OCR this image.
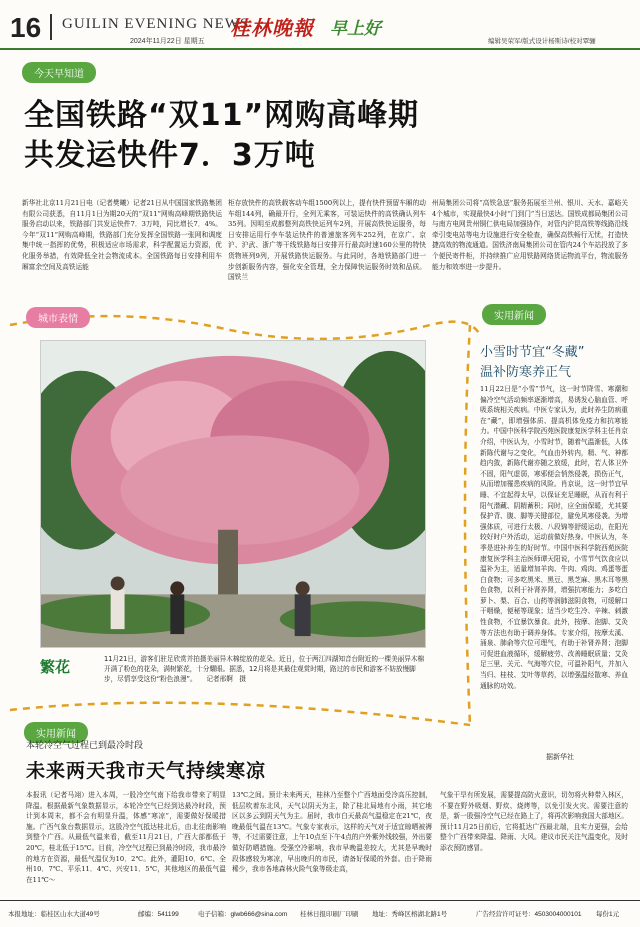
16 GUILIN EVENING NEWS
2024年11月22日 星期五
桂林晚報 早上好
编辑吴荣军/版式设计杨斯诗/校对覃骊
今天早知道
全国铁路“双11”网购高峰期
共发运快件7．3万吨
新华社北京11月21日电（记者樊曦）记者21日从中国国家铁路集团有限公司获悉，自11月1日为期20天的“双11”网购高峰期铁路快运服务启动以来，铁路部门共发运快件7．3万吨，同比增长7．4%。今年“双11”网购高峰期，铁路部门充分发挥全国铁路一张网和调度集中统一指挥的优势，积极适应市场需求，科学配置运力资源，优化服务举措，有效降低全社会物流成本。全国铁路每日安排利用车厢富余空间及高铁运能
柜存放快件的高铁载客动车组1500列以上，提有快件预留车厢的动车组144列，确最开行，全列无乘客，可装运快件的高铁确认列车35列。因明至成都整列高铁快运列车2列，开展高铁快运服务，每日安排运用行李车装运快件的普速旅客列车252列，在京广、京沪、沪武、浙广等干线铁路每日安排开行最高时速160公里的特快货物班列9列，开展铁路快运服务。与此同时，各地铁路部门进一步创新服务内容，强化安全管理，全力保障快运服务时效和品质。国铁兰
州局集团公司将“高铁急送”服务拓展至兰州、银川、天水、嘉峪关4个城市，实现最快4小时“门到门”当日送达。国铁成都局集团公司与南方电网贵州铜仁供电局加强协作，对管内沪昆高铁等线路沿线牵引变电站等电力设施进行安全检查，确保高铁畅行无忧，打造快捷高效的物流通道。国铁济南局集团公司在管内24个车站投放了多个便民寄件柜，并持续推广应用铁路网络货运物流平台，物流服务能力和效率进一步提升。
城市表情
繁花	11月21日，游客们驻足欣赏并拍摄美丽异木棉绽放的花朵。近日，位于两江四湖知音台附近的一棵美丽异木棉开满了粉色的花朵，满树繁花，十分耀眼。据悉，12月将是其最佳观赏时期，路过的市民和游客不妨放慢脚步，尽情享受这份“粉色浪漫”。　　记者邢婀　摄
实用新闻
小雪时节宜“冬藏”
温补防寒养正气
11月22日是“小雪”节气，这一时节降雪、寒潮和偏冷空气活动频率逐渐增高，易诱发心脑血管、呼吸系统相关疾病。中医专家认为，此时养生防病重在“藏”，即增强体质、提高机体免疫力和抗寒能力。中国中医科学院西苑医院康复医学科主任肖京介绍，中医认为，小雪时节，随着气温渐低，人体新陈代谢与之变化，气血由外转内，精、气、神都趋内敛，新陈代谢亦随之放缓，此时，若人体卫外不固，阳气虚弱，寒邪便会悄然侵袭，损伤正气，从而增加罹患疾病的风险。肖京说，这一时节宜早睡、不宜起得太早，以保证充足睡眠，从而有利于阳气潜藏、阴精蓄积；同时，应全面保暖，尤其要保护背、腹、脚等关键部位，避免风寒侵袭。为增强体质，可进行太极、八段锦等舒缓运动，在阳光较好时户外活动，运动前做好热身。中医认为，冬季是进补养生的好时节。中国中医科学院西苑医院康复医学科主治医师谭天阳说，小雪节气饮食应以温补为主，适量增加羊肉、牛肉、鸡肉、鸡蛋等蛋白食物；可多吃黑米、黑豆、黑芝麻、黑木耳等黑色食物，以利于补肾养肾，增强抗寒能力；多吃白萝卜、梨、百合、山药等润肺滋阴食物，可缓解口干咽燥，便秘等现象；适当少吃生冷、辛辣、刺激性食物，不宜暴饮暴食。此外，按摩、泡脚、艾灸等方法也有助于调养身体。专家介绍，按摩太溪、涌泉、肺俞等穴位可理气，有助于补肾养肾；泡脚可促进血液循环，缓解疲劳、改善睡眠质量；艾灸足三里、关元、气海等穴位，可温补阳气，并加入当归、桂枝、艾叶等草药，以增强温经散寒、养血通脉的功效。
据新华社
实用新闻
本轮冷空气过程已到最冷时段
未来两天我市天气持续寒凉
本报讯（记者马翊）进入本周，一股冷空气南下给我市带来了明显降温。根据最新气象数据显示，本轮冷空气已经到达最冷时段，预计到本周末，都不会有明显升温，体感“寒凉”，需要做好保暖措施。广西气象台数据显示，这股冷空气抵达桂北后，由北往南影响到整个广西。从最低气温来看，截至11月21日，广西大部都低于20℃，桂北低于15℃。目前，冷空气过程已到最冷时段，我市最冷的地方在资源，最低气温仅为10．2℃。此外，灌阳10．6℃、全州10．7℃、平乐11．4℃、兴安11．5℃，其他地区的最低气温在11℃～
13℃之间。预计未来两天，桂林乃至整个广西地面受冷高压控制，低层吹着东北风，天气以阴天为主，除了桂北局地有小雨，其它地区以多云到阴天气为主。届时，我市白天最高气温稳定在21℃，夜晚最低气温在13℃。气象专家表示，这样的天气对于适宜晾晒被褥等，不过需要注意，上午10点至下午4点的户外紫外线较强，外出要做好防晒措施。受强空冷影响，我市早晚温差较大，尤其是早晚时段体感较为寒凉，早出晚归的市民，请备好保暖的外套。由于降雨稀少，我市各地森林火险气象等级走高，
气象干旱有所发展，需要提高防火意识，切勿将火种带入林区，不要在野外吸烟、野炊、烧烤等，以免引发火灾。需要注意的是，新一股强冷空气已经在路上了，将再次影响我国大部地区。预计11月25日前后，它将抵达广西最北端，且实力更强，会给整个广西带来降温、降雨、大风。建议市民关注气温变化，及时添衣预防感冒。
本报地址：临桂区山水大道49号	邮编：541199	电子信箱：glwb666@sina.com 桂林日报印刷厂印刷 地址：秀峰区榕湖北路1号	广告经营许可证号：4503004000101 每份1元
